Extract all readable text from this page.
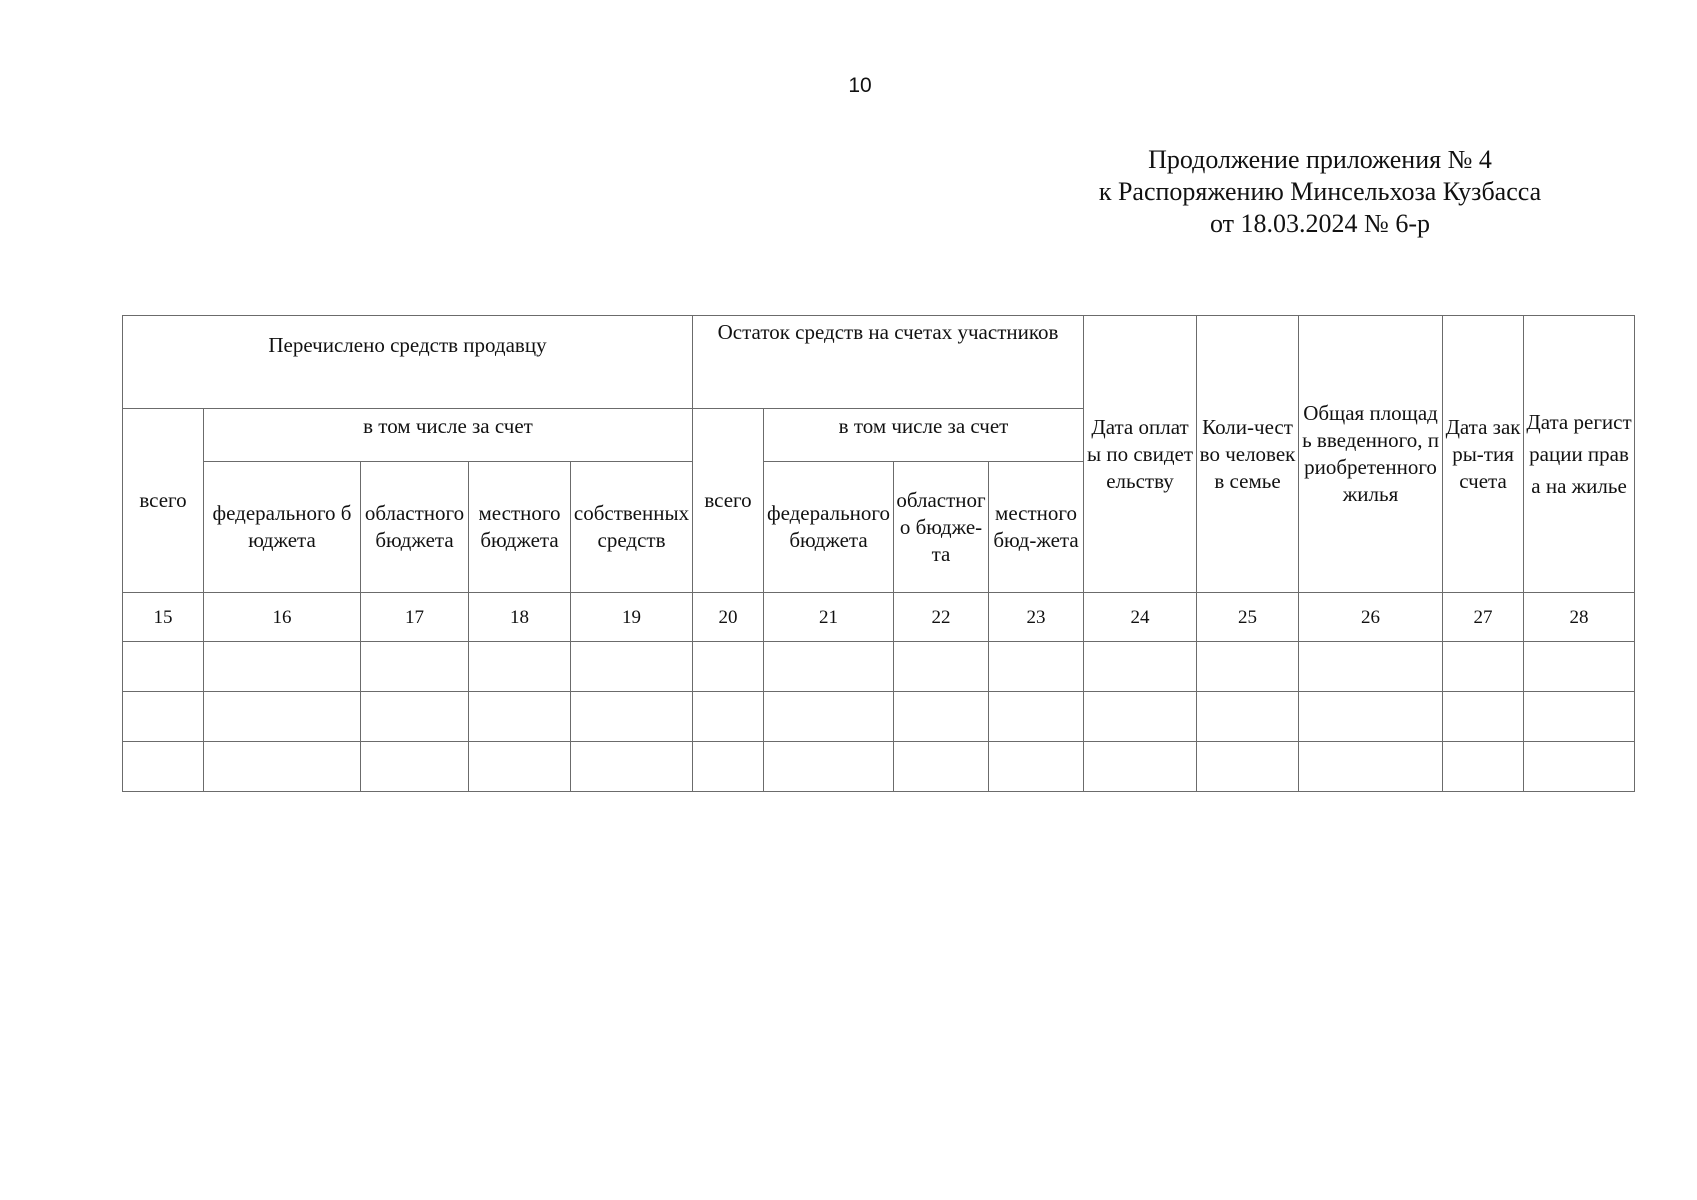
10
Продолжение приложения № 4
к Распоряжению Минсельхоза Кузбасса
от 18.03.2024 № 6-р
Перечислено средств продавцу					Остаток средств на счетах участников				Дата оплаты по свидетельству	Коли-чество человек в семье	Общая площадь введенного, приобретенного жилья	Дата закры-тия счета	Дата регистрации права на жилье
всего	в том числе за счет				всего	в том числе за счет							
	федерального бюджета	областного бюджета	местного бюджета	собственных средств		федерального бюджета	областного бюдже-та	местного бюд-жета					
15	16	17	18	19	20	21	22	23	24	25	26	27	28
